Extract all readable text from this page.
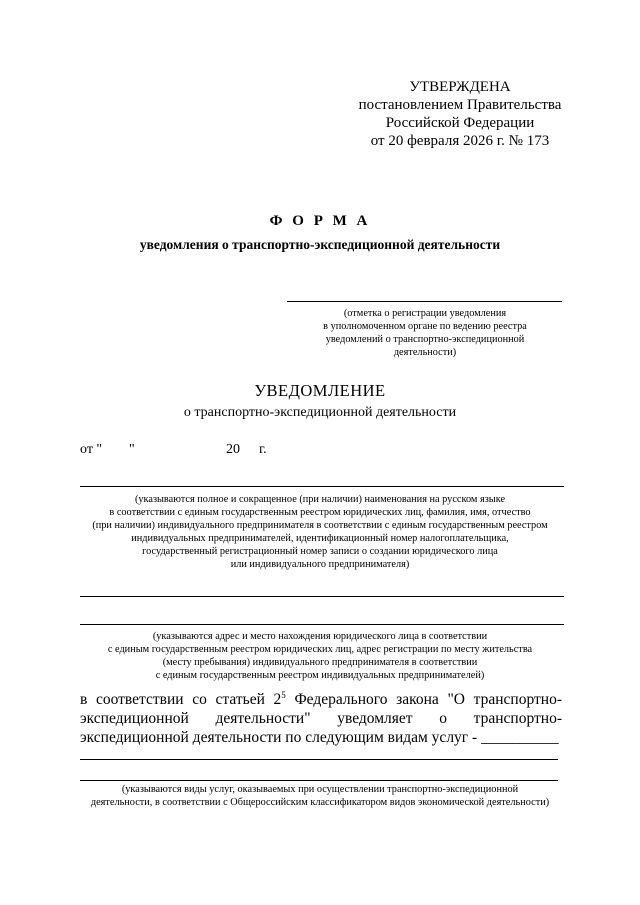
УТВЕРЖДЕНА
постановлением Правительства
Российской Федерации
от 20 февраля 2026 г. № 173
Ф О Р М А
уведомления о транспортно-экспедиционной деятельности
(отметка о регистрации уведомления
в уполномоченном органе по ведению реестра
уведомлений о транспортно-экспедиционной
деятельности)
УВЕДОМЛЕНИЕ
о транспортно-экспедиционной деятельности
от " "	20 г.
(указываются полное и сокращенное (при наличии) наименования на русском языке
в соответствии с единым государственным реестром юридических лиц, фамилия, имя, отчество
(при наличии) индивидуального предпринимателя в соответствии с единым государственным реестром
индивидуальных предпринимателей, идентификационный номер налогоплательщика,
государственный регистрационный номер записи о создании юридического лица
или индивидуального предпринимателя)
(указываются адрес и место нахождения юридического лица в соответствии
с единым государственным реестром юридических лиц, адрес регистрации по месту жительства
(месту пребывания) индивидуального предпринимателя в соответствии
с единым государственным реестром индивидуальных предпринимателей)
в соответствии со статьей $2^5$ Федерального закона "О транспортно-
экспедиционной деятельности" уведомляет о транспортно-
экспедиционной деятельности по следующим видам услуг - __________
(указываются виды услуг, оказываемых при осуществлении транспортно-экспедиционной
деятельности, в соответствии с Общероссийским классификатором видов экономической деятельности)
